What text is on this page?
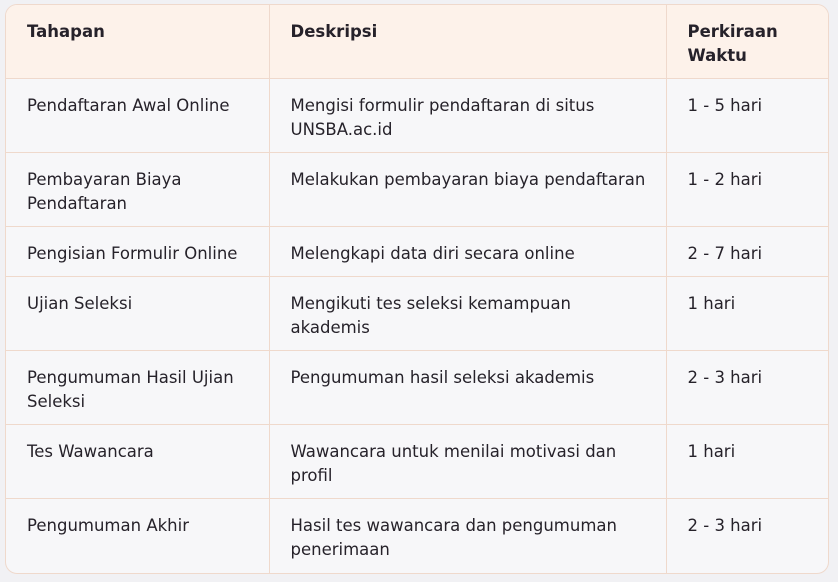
Tahapan	Deskripsi	Perkiraan Waktu
Pendaftaran Awal Online	Mengisi formulir pendaftaran di situs UNSBA.ac.id	1 - 5 hari
Pembayaran Biaya Pendaftaran	Melakukan pembayaran biaya pendaftaran	1 - 2 hari
Pengisian Formulir Online	Melengkapi data diri secara online	2 - 7 hari
Ujian Seleksi	Mengikuti tes seleksi kemampuan akademis	1 hari
Pengumuman Hasil Ujian Seleksi	Pengumuman hasil seleksi akademis	2 - 3 hari
Tes Wawancara	Wawancara untuk menilai motivasi dan profil	1 hari
Pengumuman Akhir	Hasil tes wawancara dan pengumuman penerimaan	2 - 3 hari
